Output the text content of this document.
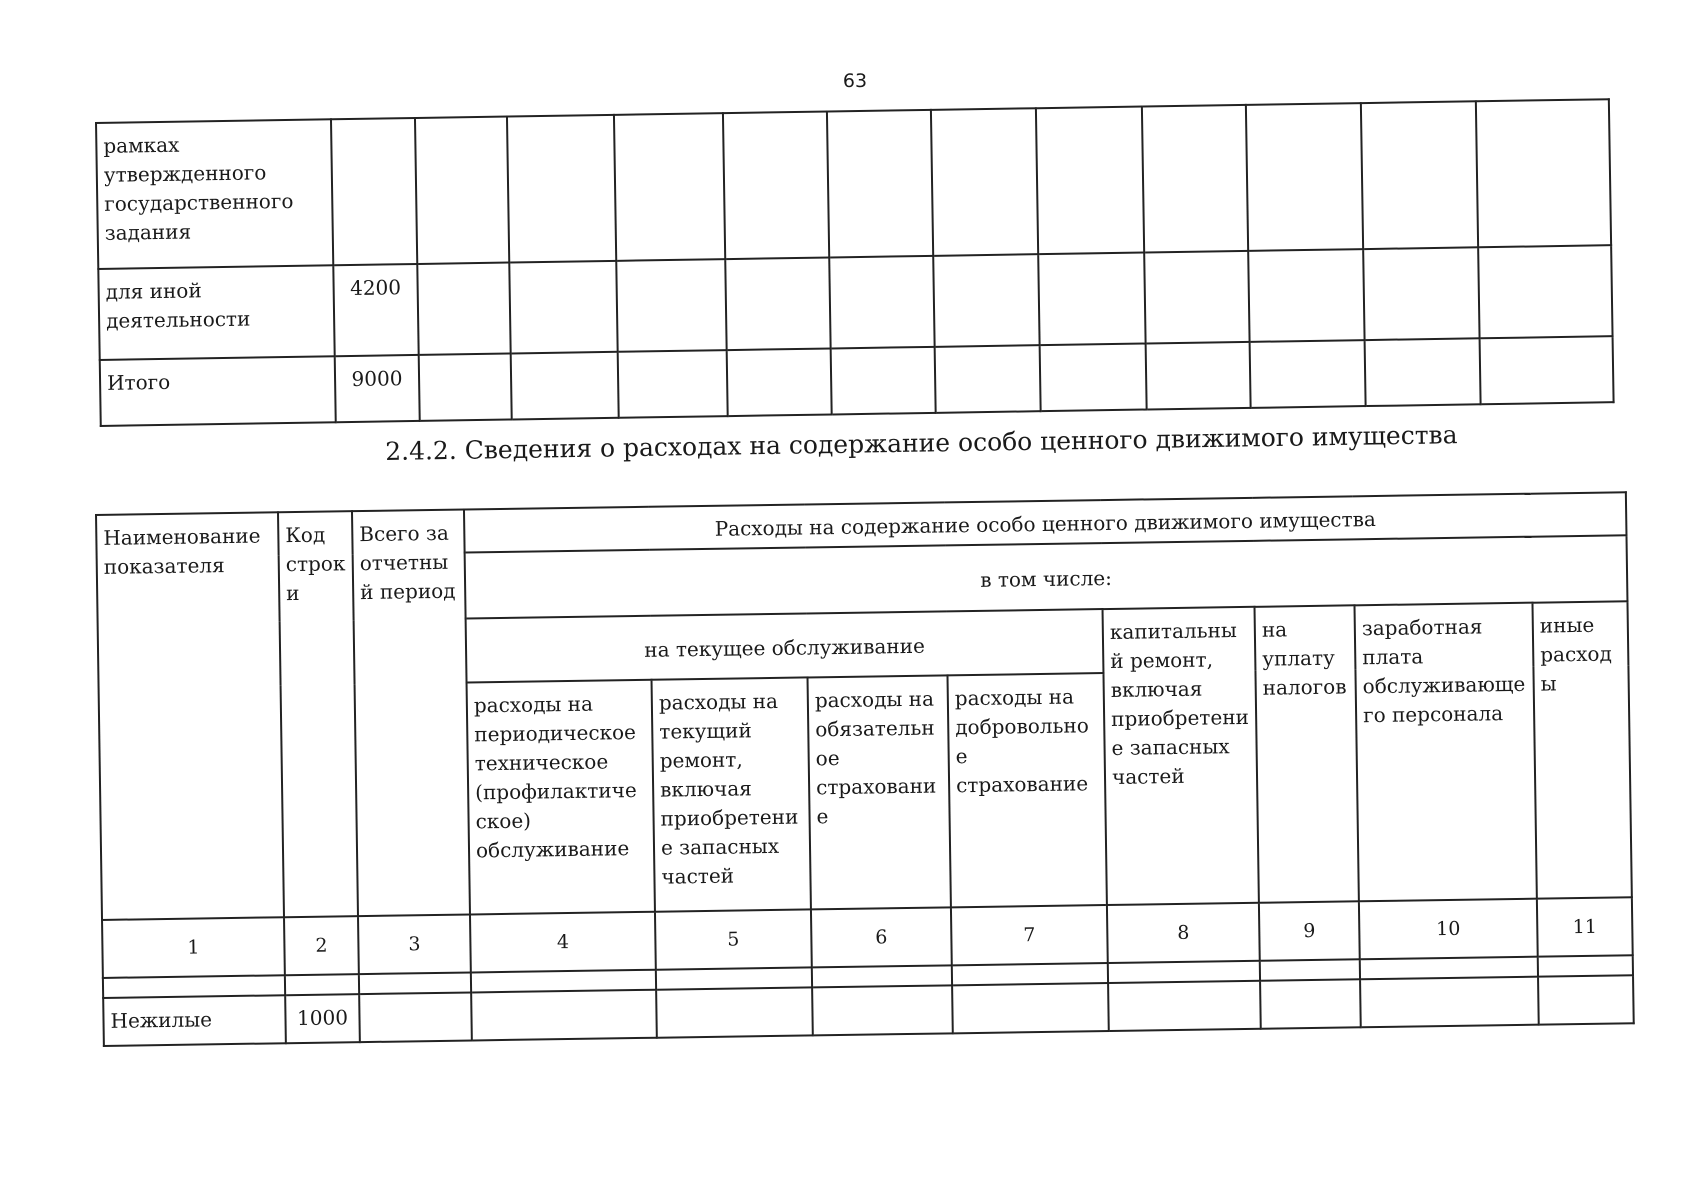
63
рамках утвержденного государственного задания												
для иной деятельности	4200											
Итого	9000											
2.4.2. Сведения о расходах на содержание особо ценного движимого имущества
Наименование показателя	Код строки	Всего за отчетный период	Расходы на содержание особо ценного движимого имущества							
			в том числе:							
			на текущее обслуживание				капитальный ремонт, включая приобретение запасных частей	на уплату налогов	заработная плата обслуживающего персонала	иные расходы
			расходы на периодическое техническое (профилактическое) обслуживание	расходы на текущий ремонт, включая приобретение запасных частей	расходы на обязательное страхование	расходы на добровольное страхование				
1	2	3	4	5	6	7	8	9	10	11

Нежилые	1000									
